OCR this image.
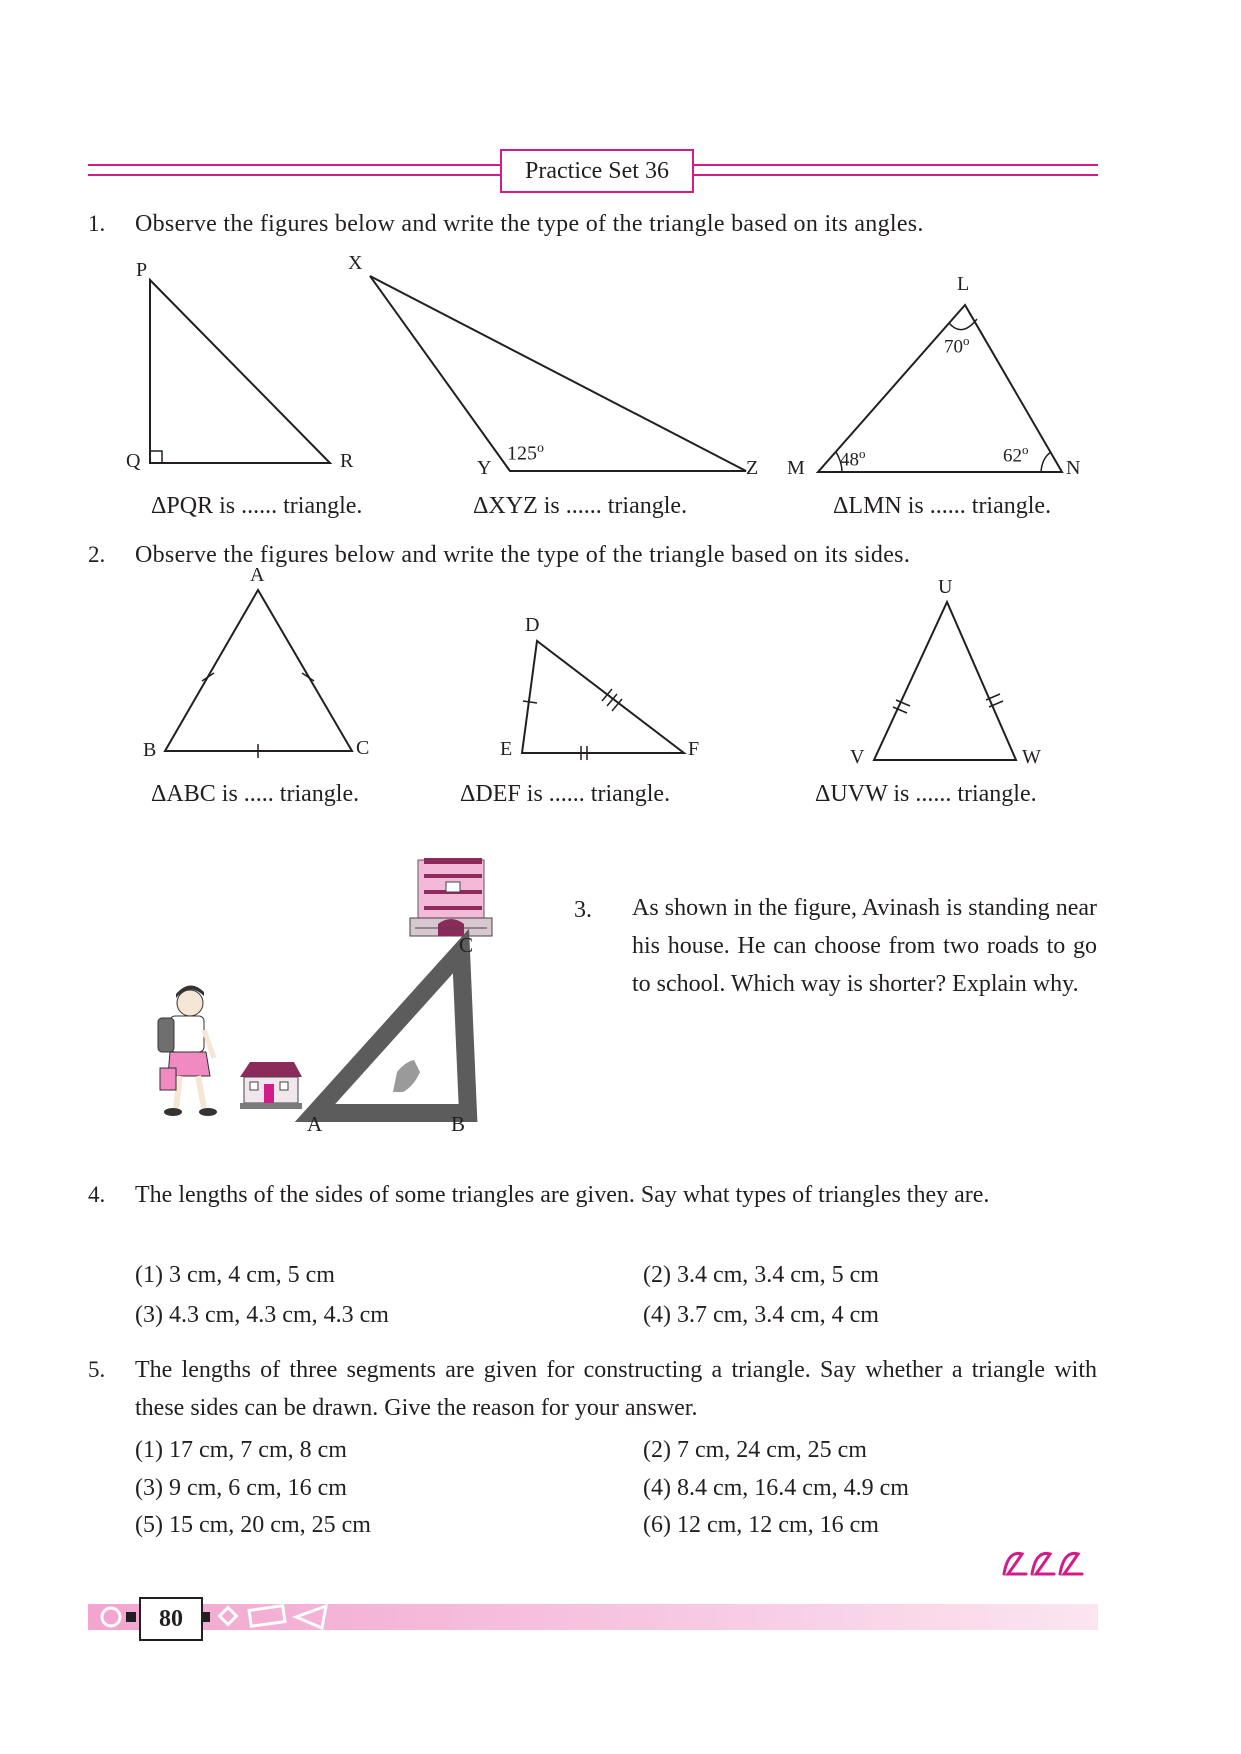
Practice Set 36
1. Observe the figures below and write the type of the triangle based on its angles.
P
Q	R
ΔPQR is ...... triangle.
X
Y	Z
125$^o$
ΔXYZ is ...... triangle.
L
M	N
70$^o$
48$^o$	62$^o$
ΔLMN is ...... triangle.
2. Observe the figures below and write the type of the triangle based on its sides.
A
B	C
ΔABC is ..... triangle.
D
E	F
ΔDEF is ...... triangle.
U
V	W
ΔUVW is ...... triangle.
A	B
C
3. As shown in the figure, Avinash is standing near his house. He can choose from two roads to go to school. Which way is shorter? Explain why.
4. The lengths of the sides of some triangles are given. Say what types of triangles they are.
(1) 3 cm, 4 cm, 5 cm	(2) 3.4 cm, 3.4 cm, 5 cm
(3) 4.3 cm, 4.3 cm, 4.3 cm	(4) 3.7 cm, 3.4 cm, 4 cm
5. The lengths of three segments are given for constructing a triangle. Say whether a triangle with these sides can be drawn. Give the reason for your answer.
(1) 17 cm, 7 cm, 8 cm	(2) 7 cm, 24 cm, 25 cm
(3) 9 cm, 6 cm, 16 cm	(4) 8.4 cm, 16.4 cm, 4.9 cm
(5) 15 cm, 20 cm, 25 cm	(6) 12 cm, 12 cm, 16 cm
80
